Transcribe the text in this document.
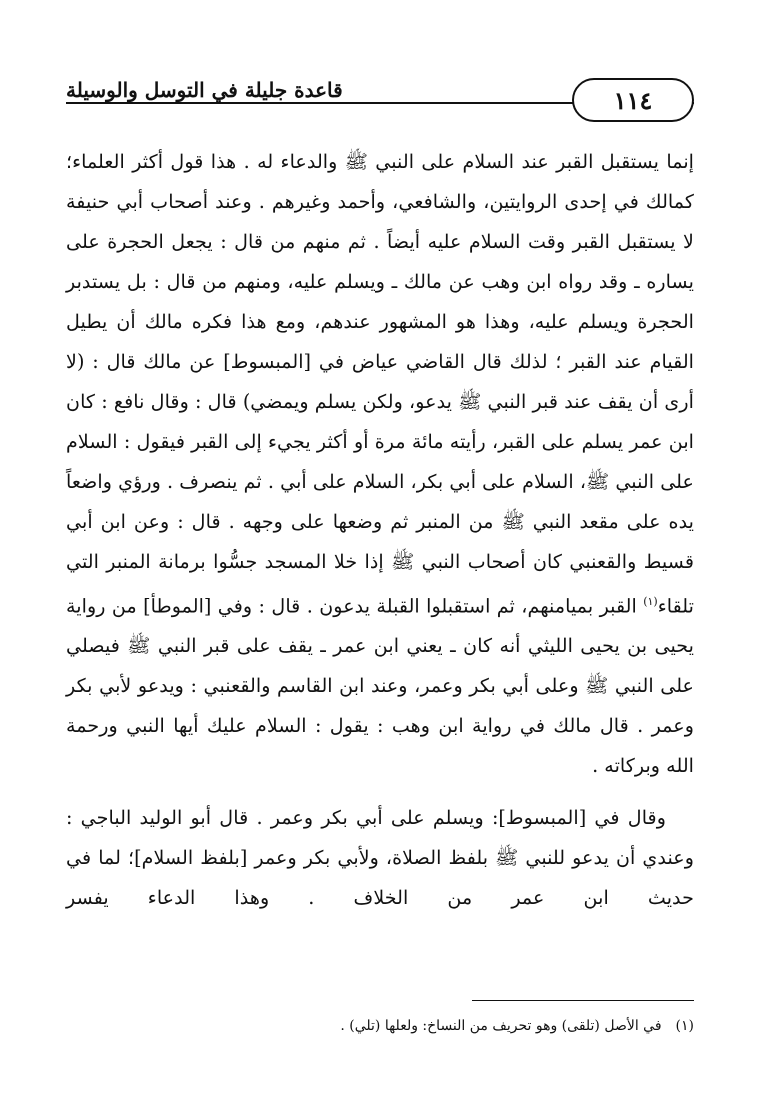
قاعدة جليلة في التوسل والوسيلة	١١٤

إنما يستقبل القبر عند السلام على النبي ﷺ والدعاء له . هذا قول أكثر العلماء؛ كمالك في إحدى الروايتين، والشافعي، وأحمد وغيرهم . وعند أصحاب أبي حنيفة لا يستقبل القبر وقت السلام عليه أيضاً . ثم منهم من قال : يجعل الحجرة على يساره ـ وقد رواه ابن وهب عن مالك ـ ويسلم عليه، ومنهم من قال : بل يستدبر الحجرة ويسلم عليه، وهذا هو المشهور عندهم، ومع هذا فكره مالك أن يطيل القيام عند القبر ؛ لذلك قال القاضي عياض في [المبسوط] عن مالك قال : (لا أرى أن يقف عند قبر النبي ﷺ يدعو، ولكن يسلم ويمضي) قال : وقال نافع : كان ابن عمر يسلم على القبر، رأيته مائة مرة أو أكثر يجيء إلى القبر فيقول : السلام على النبي ﷺ، السلام على أبي بكر، السلام على أبي . ثم ينصرف . ورؤي واضعاً يده على مقعد النبي ﷺ من المنبر ثم وضعها على وجهه . قال : وعن ابن أبي قسيط والقعنبي كان أصحاب النبي ﷺ إذا خلا المسجد جسُّوا برمانة المنبر التي تلقاء$^{(١)}$ القبر بميامنهم، ثم استقبلوا القبلة يدعون . قال : وفي [الموطأ] من رواية يحيى بن يحيى الليثي أنه كان ـ يعني ابن عمر ـ يقف على قبر النبي ﷺ فيصلي على النبي ﷺ وعلى أبي بكر وعمر، وعند ابن القاسم والقعنبي : ويدعو لأبي بكر وعمر . قال مالك في رواية ابن وهب : يقول : السلام عليك أيها النبي ورحمة الله وبركاته .

وقال في [المبسوط]: ويسلم على أبي بكر وعمر . قال أبو الوليد الباجي : وعندي أن يدعو للنبي ﷺ بلفظ الصلاة، ولأبي بكر وعمر [بلفظ السلام]؛ لما في حديث ابن عمر من الخلاف . وهذا الدعاء يفسر

(١)في الأصل (تلقى) وهو تحريف من النساخ: ولعلها (تلي) .
